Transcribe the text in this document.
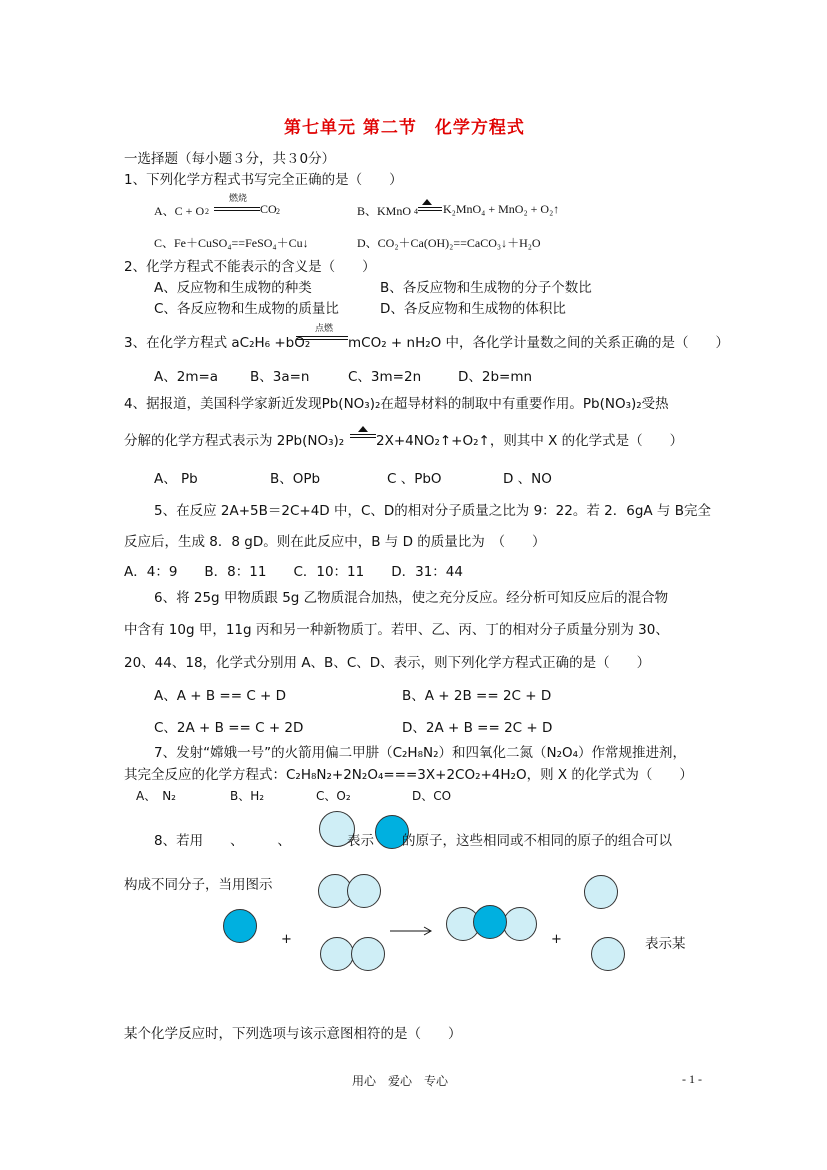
第七单元 第二节　化学方程式
一选择题（每小题３分，共３0分）
1、下列化学方程式书写完全正确的是（　　）
A、C + O 2
燃烧
CO 2	B、KMnO 4 K₂MnO₄ + MnO₂ + O₂↑
C、Fe＋CuSO₄==FeSO₄＋Cu↓	D、CO₂＋Ca(OH)₂==CaCO₃↓＋H₂O
2、化学方程式不能表示的含义是（　　）
A、反应物和生成物的种类	B、各反应物和生成物的分子个数比
C、各反应物和生成物的质量比	D、各反应物和生成物的体积比
3、在化学方程式 aC₂H₆ +bO₂
点燃
mCO₂ + nH₂O 中，各化学计量数之间的关系正确的是（　　）
A、2m=a B、3a=n	C、3m=2n	D、2b=mn
4、据报道，美国科学家新近发现Pb(NO₃)₂在超导材料的制取中有重要作用。Pb(NO₃)₂受热
分解的化学方程式表示为 2Pb(NO₃)₂ 2X+4NO₂↑+O₂↑，则其中 X 的化学式是（　　）
A、 Pb	B、OPb	C 、PbO	D 、NO
5、在反应 2A+5B＝2C+4D 中，C、D的相对分子质量之比为 9：22。若 2．6gA 与 B完全
反应后，生成 8．8 gD。则在此反应中，B 与 D 的质量比为　（　　）
A．4：9　　B．8：11　　C．10：11　　D．31：44
6、将 25g 甲物质跟 5g 乙物质混合加热，使之充分反应。经分析可知反应后的混合物
中含有 10g 甲，11g 丙和另一种新物质丁。若甲、乙、丙、丁的相对分子质量分别为 30、
20、44、18，化学式分别用 A、B、C、D、表示，则下列化学方程式正确的是（　　）
A、A + B == C + D	B、A + 2B == 2C + D
C、2A + B == C + 2D	D、2A + B == 2C + D
7、发射“嫦娥一号”的火箭用偏二甲肼（C₂H₈N₂）和四氧化二氮（N₂O₄）作常规推进剂，
其完全反应的化学方程式：C₂H₈N₂+2N₂O₄===3X+2CO₂+4H₂O，则 X 的化学式为（　　）
A、　N₂	B、H₂	C、O₂	D、CO
8、若用　　、　　　、	表示 的原子，这些相同或不相同的原子的组合可以
构成不同分子，当用图示
+	+	表示某
某个化学反应时，下列选项与该示意图相符的是（　　）
用心　爱心　专心	- 1 -
